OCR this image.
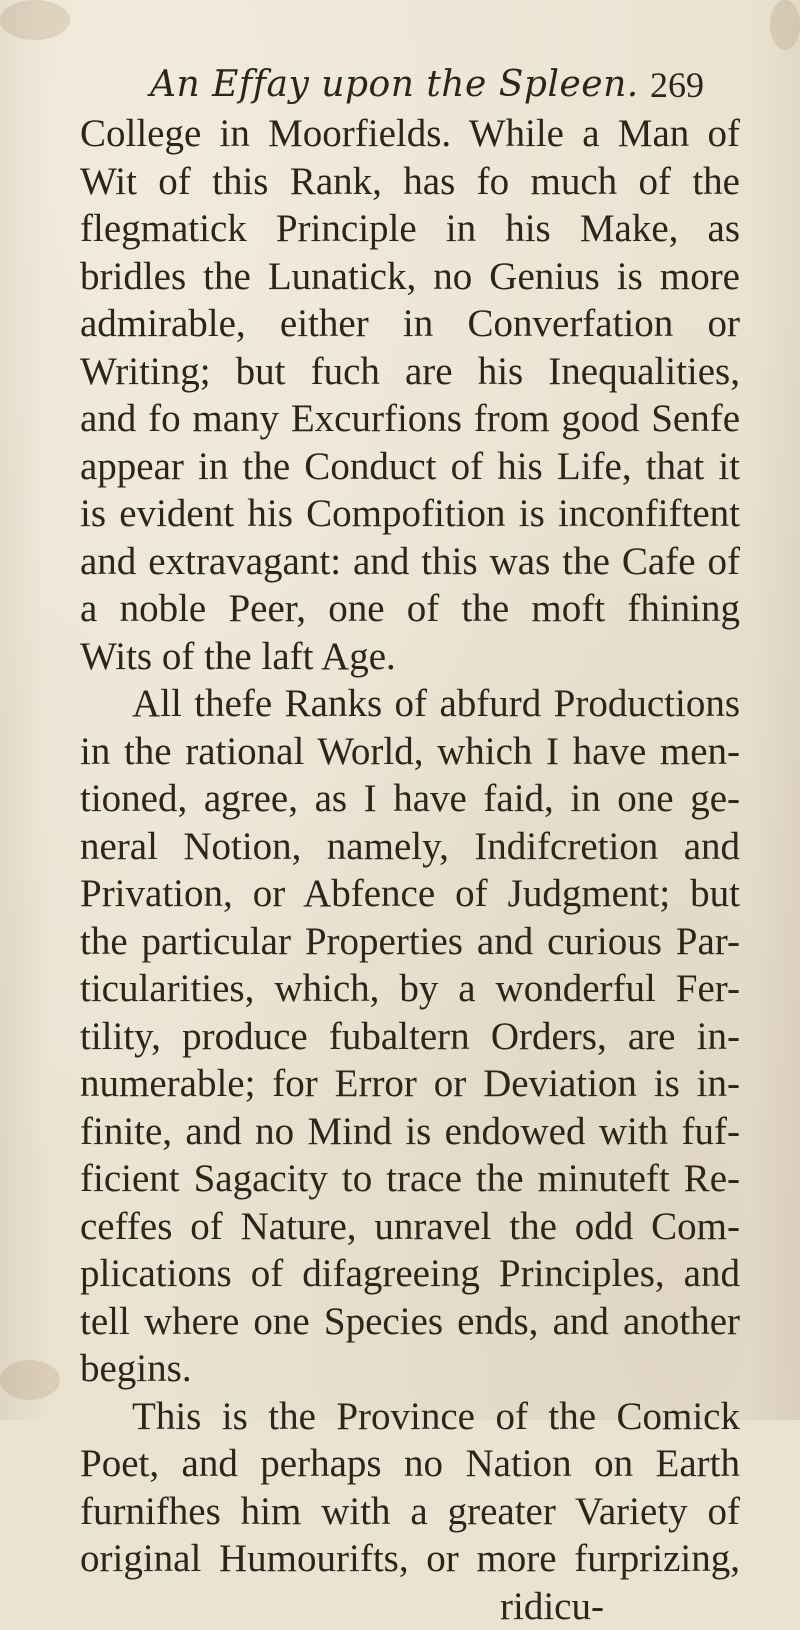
An Effay upon the Spleen. 269
College in Moorfields. While a Man of
Wit of this Rank, has fo much of the
flegmatick Principle in his Make, as
bridles the Lunatick, no Genius is more
admirable, either in Converfation or
Writing; but fuch are his Inequalities,
and fo many Excurfions from good Senfe
appear in the Conduct of his Life, that it
is evident his Compofition is inconfiftent
and extravagant: and this was the Cafe of
a noble Peer, one of the moft fhining
Wits of the laft Age.
All thefe Ranks of abfurd Productions
in the rational World, which I have men-
tioned, agree, as I have faid, in one ge-
neral Notion, namely, Indifcretion and
Privation, or Abfence of Judgment; but
the particular Properties and curious Par-
ticularities, which, by a wonderful Fer-
tility, produce fubaltern Orders, are in-
numerable; for Error or Deviation is in-
finite, and no Mind is endowed with fuf-
ficient Sagacity to trace the minuteft Re-
ceffes of Nature, unravel the odd Com-
plications of difagreeing Principles, and
tell where one Species ends, and another
begins.
This is the Province of the Comick
Poet, and perhaps no Nation on Earth
furnifhes him with a greater Variety of
original Humourifts, or more furprizing,
ridicu-
